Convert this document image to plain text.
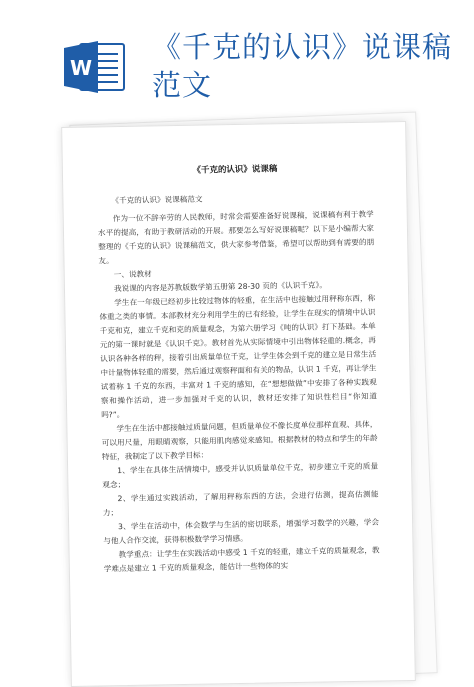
W
《千克的认识》说课稿范文
《千克的认识》说课稿

《千克的认识》说课稿范文

作为一位不辞辛劳的人民教师，时常会需要准备好说课稿，说课稿有利于教学水平的提高，有助于教研活动的开展。那要怎么写好说课稿呢？以下是小编帮大家整理的《千克的认识》说课稿范文，供大家参考借鉴，希望可以帮助到有需要的朋友。

一、说教材

我说课的内容是苏教版数学第五册第 28-30 页的《认识千克》。

学生在一年级已经初步比较过物体的轻重，在生活中也接触过用秤称东西，称体重之类的事情。本部教材充分利用学生的已有经验，让学生在现实的情境中认识千克和克，建立千克和克的质量观念，为第六册学习《吨的认识》打下基础。本单元的第一课时就是《认识千克》。教材首先从实际情境中引出物体轻重的.概念，再认识各种各样的秤，接着引出质量单位千克，让学生体会到千克的建立是日常生活中计量物体轻重的需要，然后通过观察秤面和有关的物品，认识 1 千克，再让学生试着称 1 千克的东西，丰富对 1 千克的感知，在“想想做做”中安排了各种实践观察和操作活动，进一步加强对千克的认识，教材还安排了知识性栏目“你知道吗?”。

学生在生活中都接触过质量问题，但质量单位不像长度单位那样直观、具体，可以用尺量，用眼睛观察，只能用肌肉感觉来感知。根据教材的特点和学生的年龄特征，我制定了以下教学目标：

1、学生在具体生活情境中，感受并认识质量单位千克，初步建立千克的质量观念；

2、学生通过实践活动，了解用秤称东西的方法，会进行估测，提高估测能力；

3、学生在活动中，体会数学与生活的密切联系，增强学习数学的兴趣，学会与他人合作交流，获得积极数学学习情感。

教学重点：让学生在实践活动中感受 1 千克的轻重，建立千克的质量观念，教学难点是建立 1 千克的质量观念，能估计一些物体的实
